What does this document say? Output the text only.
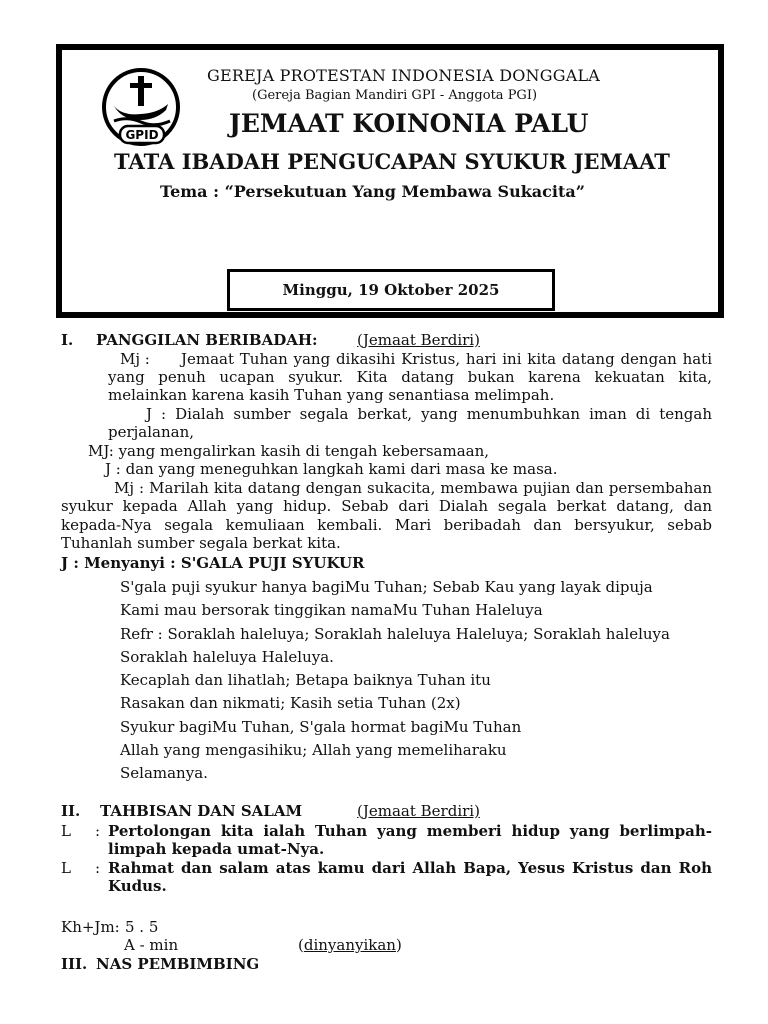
GPID
GEREJA PROTESTAN INDONESIA DONGGALA
(Gereja Bagian Mandiri GPI - Anggota PGI)
JEMAAT KOINONIA PALU
TATA IBADAH PENGUCAPAN SYUKUR JEMAAT
Tema : “Persekutuan Yang Membawa Sukacita”
Minggu, 19 Oktober 2025
I. PANGGILAN BERIBADAH:	(Jemaat Berdiri)
Mj : Jemaat Tuhan yang dikasihi Kristus, hari ini kita datang dengan hati
yang penuh ucapan syukur. Kita datang bukan karena kekuatan kita,
melainkan karena kasih Tuhan yang senantiasa melimpah.
J : Dialah sumber segala berkat, yang menumbuhkan iman di tengah
perjalanan,
MJ: yang mengalirkan kasih di tengah kebersamaan,
J : dan yang meneguhkan langkah kami dari masa ke masa.
Mj : Marilah kita datang dengan sukacita, membawa pujian dan persembahan
syukur kepada Allah yang hidup. Sebab dari Dialah segala berkat datang, dan
kepada-Nya segala kemuliaan kembali. Mari beribadah dan bersyukur, sebab
Tuhanlah sumber segala berkat kita.
J : Menyanyi : S'GALA PUJI SYUKUR
S'gala puji syukur hanya bagiMu Tuhan; Sebab Kau yang layak dipuja
Kami mau bersorak tinggikan namaMu Tuhan Haleluya
Refr : Soraklah haleluya; Soraklah haleluya Haleluya; Soraklah haleluya
Soraklah haleluya Haleluya.
Kecaplah dan lihatlah; Betapa baiknya Tuhan itu
Rasakan dan nikmati; Kasih setia Tuhan (2x)
Syukur bagiMu Tuhan, S'gala hormat bagiMu Tuhan
Allah yang mengasihiku; Allah yang memeliharaku
Selamanya.
II. TAHBISAN DAN SALAM	(Jemaat Berdiri)
L : Pertolongan kita ialah Tuhan yang memberi hidup yang berlimpah-
limpah kepada umat-Nya.
L : Rahmat dan salam atas kamu dari Allah Bapa, Yesus Kristus dan Roh
Kudus.
Kh+Jm: 5 . 5
A - min	(dinyanyikan)
III. NAS PEMBIMBING
